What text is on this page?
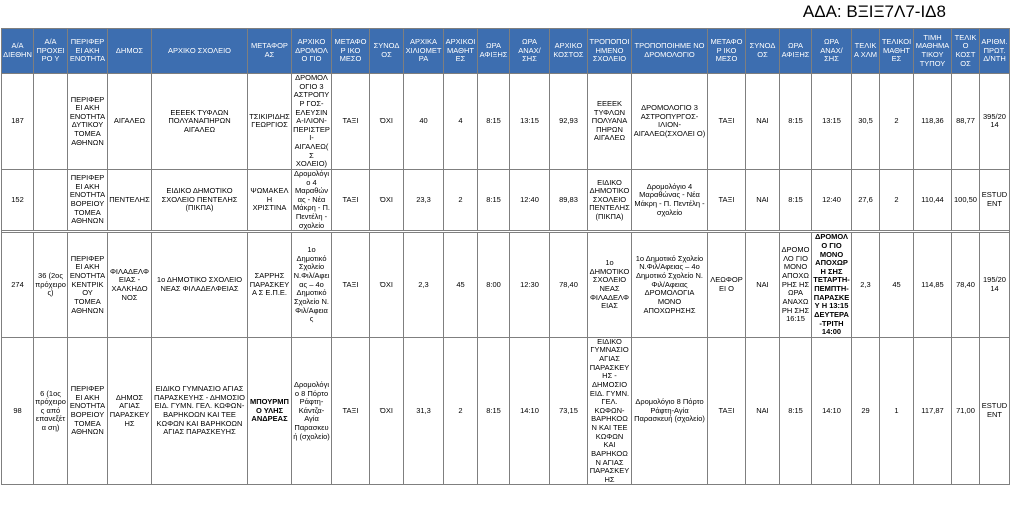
ΑΔΑ: ΒΞΙΞ7Λ7-ΙΔ8
Α/Α ΔΙΕΘΗΝ	Α/Α ΠΡΟΧΕΙΡΟ Υ	ΠΕΡΙΦΕΡΕΙ ΑΚΗ ΕΝΟΤΗΤΑ	ΔΗΜΟΣ	ΑΡΧΙΚΟ ΣΧΟΛΕΙΟ	ΜΕΤΑΦΟΡ ΑΣ	ΑΡΧΙΚΟ ΔΡΟΜΟΛΟ ΓΙΟ	ΜΕΤΑΦΟΡ ΙΚΟ ΜΕΣΟ	ΣΥΝΟΔΟΣ	ΑΡΧΙΚΑ ΧΙΛΙΟΜΕΤ ΡΑ	ΑΡΧΙΚΟΙ ΜΑΘΗΤΕΣ	ΩΡΑ ΑΦΙΞΗΣ	ΩΡΑ ΑΝΑΧ/ΣΗΣ	ΑΡΧΙΚΟ ΚΟΣΤΟΣ	ΤΡΟΠΟΠΟΙ ΗΜΕΝΟ ΣΧΟΛΕΙΟ	ΤΡΟΠΟΠΟΙΗΜΕ ΝΟ ΔΡΟΜΟΛΟΓΙΟ	ΜΕΤΑΦΟΡ ΙΚΟ ΜΕΣΟ	ΣΥΝΟΔΟΣ	ΩΡΑ ΑΦΙΞΗΣ	ΩΡΑ ΑΝΑΧ/ΣΗΣ	ΤΕΛΙΚΑ ΧΛΜ	ΤΕΛΙΚΟΙ ΜΑΘΗΤΕΣ	ΤΙΜΗ ΜΑΘΗΜΑ ΤΙΚΟΥ ΤΥΠΟΥ	ΤΕΛΙΚΟ ΚΟΣΤΟΣ	ΑΡΙΘΜ. ΠΡΩΤ. Δ/ΝΤΗ
187		ΠΕΡΙΦΕΡΕΙ ΑΚΗ ΕΝΟΤΗΤΑ ΔΥΤΙΚΟΥ ΤΟΜΕΑ ΑΘΗΝΩΝ	ΑΙΓΑΛΕΩ	ΕΕΕΕΚ ΤΥΦΛΩΝ ΠΟΛΥΑΝΑΠΗΡΩΝ ΑΙΓΑΛΕΩ	ΤΣΙΚΙΡΙΔΗΣ ΓΕΩΡΓΙΟΣ	ΔΡΟΜΟΛΟΓΙΟ 3 ΑΣΤΡΟΠΥΡ ΓΟΣ-ΕΛΕΥΣΙΝΑ-ΙΛΙΟΝ-ΠΕΡΙΣΤΕΡΙ-ΑΙΓΑΛΕΩ(Σ ΧΟΛΕΙΟ)	ΤΑΞΙ	ΌΧΙ	40	4	8:15	13:15	92,93	ΕΕΕΕΚ ΤΥΦΛΩΝ ΠΟΛΥΑΝΑ ΠΗΡΩΝ ΑΙΓΑΛΕΩ	ΔΡΟΜΟΛΟΓΙΟ 3 ΑΣΤΡΟΠΥΡΓΟΣ-ΙΛΙΟΝ-ΑΙΓΑΛΕΩ(ΣΧΟΛΕΙ Ο)	ΤΑΞΙ	ΝΑΙ	8:15	13:15	30,5	2	118,36	88,77	395/2014
152		ΠΕΡΙΦΕΡΕΙ ΑΚΗ ΕΝΟΤΗΤΑ ΒΟΡΕΙΟΥ ΤΟΜΕΑ ΑΘΗΝΩΝ	ΠΕΝΤΕΛΗΣ	ΕΙΔΙΚΟ ΔΗΜΟΤΙΚΟ ΣΧΟΛΕΙΟ ΠΕΝΤΕΛΗΣ (ΠΙΚΠΑ)	ΨΩΜΑΚΕΛ Η ΧΡΙΣΤΙΝΑ	Δρομολόγι ο 4 Μαραθών ας - Νέα Μάκρη - Π. Πεντέλη - σχολείο	ΤΑΞΙ	ΌΧΙ	23,3	2	8:15	12:40	89,83	ΕΙΔΙΚΟ ΔΗΜΟΤΙΚΟ ΣΧΟΛΕΙΟ ΠΕΝΤΕΛΗΣ (ΠΙΚΠΑ)	Δρομολόγιο 4 Μαραθώνας - Νέα Μάκρη - Π. Πεντέλη - σχολείο	ΤΑΞΙ	ΝΑΙ	8:15	12:40	27,6	2	110,44	100,50	ESTUDENT

274	36 (2ος πρόχειρος)	ΠΕΡΙΦΕΡΕΙ ΑΚΗ ΕΝΟΤΗΤΑ ΚΕΝΤΡΙΚΟΥ ΤΟΜΕΑ ΑΘΗΝΩΝ	ΦΙΛΑΔΕΛΦ ΕΙΑΣ - ΧΑΛΚΗΔΟ ΝΟΣ	1ο ΔΗΜΟΤΙΚΟ ΣΧΟΛΕΙΟ ΝΕΑΣ ΦΙΛΑΔΕΛΦΕΙΑΣ	ΣΑΡΡΗΣ ΠΑΡΑΣΚΕΥΑ Σ Ε.Π.Ε.	1ο Δημοτικό Σχολείο Ν.Φιλ/Αφει ας – 4ο Δημοτικό Σχολείο Ν. Φιλ/Αφεια ς	ΤΑΞΙ	ΌΧΙ	2,3	45	8:00	12:30	78,40	1ο ΔΗΜΟΤΙΚΟ ΣΧΟΛΕΙΟ ΝΕΑΣ ΦΙΛΑΔΕΛΦ ΕΙΑΣ	1ο Δημοτικό Σχολείο Ν.Φιλ/Αφειας – 4ο Δημοτικό Σχολείο Ν. Φιλ/Αφειας ΔΡΟΜΟΛΟΓΙΑ ΜΟΝΟ ΑΠΟΧΩΡΗΣΗΣ	ΛΕΩΦΟΡΕΙ Ο	ΝΑΙ	ΔΡΟΜΟΛΟ ΓΙΟ ΜΟΝΟ ΑΠΟΧΩΡΗΣ ΗΣ ΩΡΑ ΑΝΑΧΩΡΗ ΣΗΣ 16:15	ΔΡΟΜΟΛΟ ΓΙΟ ΜΟΝΟ ΑΠΟΧΩΡΗ ΣΗΣ ΤΕΤΑΡΤΗ-ΠΕΜΠΤΗ-ΠΑΡΑΣΚΕΥ Η 13:15 ΔΕΥΤΕΡΑ-ΤΡΙΤΗ 14:00	2,3	45	114,85	78,40	195/2014
98	6 (1ος πρόχειρο ς από επανεξέτα ση)	ΠΕΡΙΦΕΡΕΙ ΑΚΗ ΕΝΟΤΗΤΑ ΒΟΡΕΙΟΥ ΤΟΜΕΑ ΑΘΗΝΩΝ	ΔΗΜΟΣ ΑΓΙΑΣ ΠΑΡΑΣΚΕΥ ΗΣ	ΕΙΔΙΚΟ ΓΥΜΝΑΣΙΟ ΑΓΙΑΣ ΠΑΡΑΣΚΕΥΗΣ - ΔΗΜΟΣΙΟ ΕΙΔ. ΓΥΜΝ. ΓΕΛ. ΚΩΦΩΝ-ΒΑΡΗΚΟΩΝ ΚΑΙ ΤΕΕ ΚΩΦΩΝ ΚΑΙ ΒΑΡΗΚΟΩΝ ΑΓΙΑΣ ΠΑΡΑΣΚΕΥΗΣ	ΜΠΟΥΡΜΠΟ ΥΛΗΣ ΑΝΔΡΕΑΣ	Δρομολόγι ο 8 Πόρτο Ράφτη-Κάντζα-Αγία Παρασκευ ή (σχολείο)	ΤΑΞΙ	ΌΧΙ	31,3	2	8:15	14:10	73,15	ΕΙΔΙΚΟ ΓΥΜΝΑΣΙΟ ΑΓΙΑΣ ΠΑΡΑΣΚΕΥ ΗΣ - ΔΗΜΟΣΙΟ ΕΙΔ. ΓΥΜΝ. ΓΕΛ. ΚΩΦΩΝ-ΒΑΡΗΚΟΩ Ν ΚΑΙ ΤΕΕ ΚΩΦΩΝ ΚΑΙ ΒΑΡΗΚΟΩ Ν ΑΓΙΑΣ ΠΑΡΑΣΚΕΥ ΗΣ	Δρομολόγιο 8 Πόρτο Ράφτη-Αγία Παρασκευή (σχολείο)	ΤΑΞΙ	ΝΑΙ	8:15	14:10	29	1	117,87	71,00	ESTUDENT
